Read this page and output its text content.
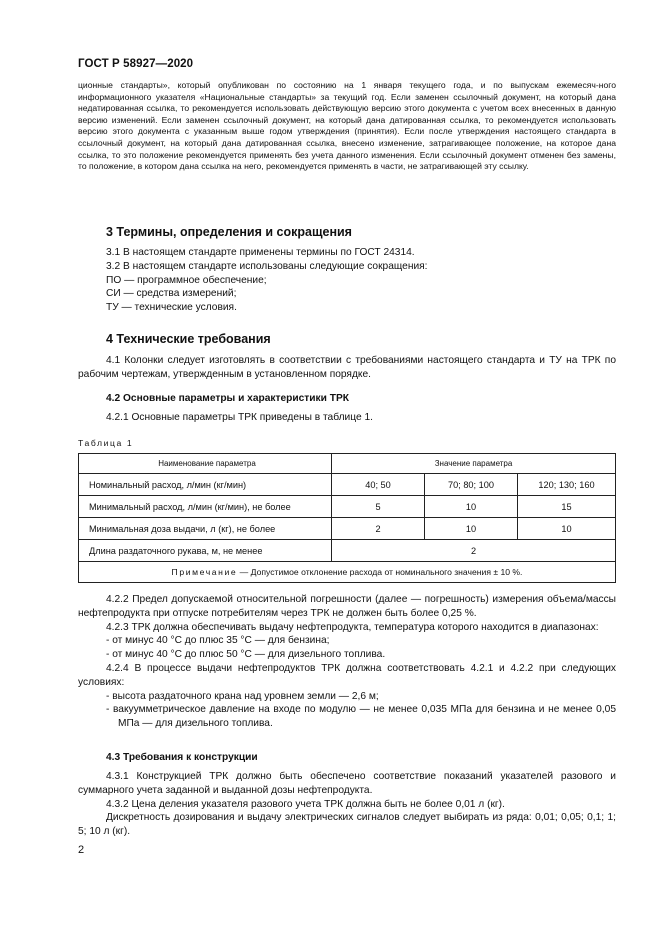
ГОСТ Р 58927—2020

ционные стандарты», который опубликован по состоянию на 1 января текущего года, и по выпускам ежемесяч-ного информационного указателя «Национальные стандарты» за текущий год. Если заменен ссылочный документ, на который дана недатированная ссылка, то рекомендуется использовать действующую версию этого документа с учетом всех внесенных в данную версию изменений. Если заменен ссылочный документ, на который дана датированная ссылка, то рекомендуется использовать версию этого документа с указанным выше годом утверждения (принятия). Если после утверждения настоящего стандарта в ссылочный документ, на который дана датированная ссылка, внесено изменение, затрагивающее положение, на которое дана ссылка, то это положение рекомендуется применять без учета данного изменения. Если ссылочный документ отменен без замены, то положение, в котором дана ссылка на него, рекомендуется применять в части, не затрагивающей эту ссылку.

3 Термины, определения и сокращения

3.1 В настоящем стандарте применены термины по ГОСТ 24314.

3.2 В настоящем стандарте использованы следующие сокращения:

ПО — программное обеспечение;

СИ — средства измерений;

ТУ — технические условия.

4 Технические требования

4.1 Колонки следует изготовлять в соответствии с требованиями настоящего стандарта и ТУ на ТРК по рабочим чертежам, утвержденным в установленном порядке.

4.2 Основные параметры и характеристики ТРК

4.2.1 Основные параметры ТРК приведены в таблице 1.

Таблица 1
Наименование параметра	Значение параметра		
Номинальный расход, л/мин (кг/мин)	40; 50	70; 80; 100	120; 130; 160
Минимальный расход, л/мин (кг/мин), не более	5	10	15
Минимальная доза выдачи, л (кг), не более	2	10	10
Длина раздаточного рукава, м, не менее	2		
Примечание — Допустимое отклонение расхода от номинального значения ± 10 %.			

4.2.2 Предел допускаемой относительной погрешности (далее — погрешность) измерения объема/массы нефтепродукта при отпуске потребителям через ТРК не должен быть более 0,25 %.

4.2.3 ТРК должна обеспечивать выдачу нефтепродукта, температура которого находится в диапазонах:

- от минус 40 °C до плюс 35 °C — для бензина;

- от минус 40 °C до плюс 50 °C — для дизельного топлива.

4.2.4 В процессе выдачи нефтепродуктов ТРК должна соответствовать 4.2.1 и 4.2.2 при следующих условиях:

- высота раздаточного крана над уровнем земли — 2,6 м;

- вакуумметрическое давление на входе по модулю — не менее 0,035 МПа для бензина и не менее 0,05 МПа — для дизельного топлива.

4.3 Требования к конструкции

4.3.1 Конструкцией ТРК должно быть обеспечено соответствие показаний указателей разового и суммарного учета заданной и выданной дозы нефтепродукта.

4.3.2 Цена деления указателя разового учета ТРК должна быть не более 0,01 л (кг).

Дискретность дозирования и выдачу электрических сигналов следует выбирать из ряда: 0,01; 0,05; 0,1; 1; 5; 10 л (кг).

2
